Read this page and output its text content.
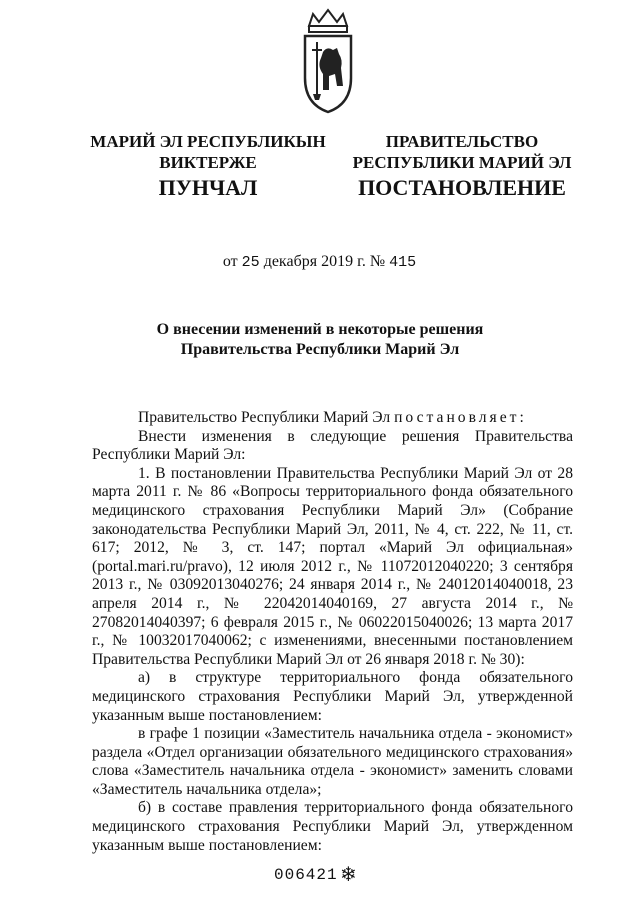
МАРИЙ ЭЛ РЕСПУБЛИКЫН
ВИКТЕРЖЕ
ПРАВИТЕЛЬСТВО
РЕСПУБЛИКИ МАРИЙ ЭЛ
ПУНЧАЛ	ПОСТАНОВЛЕНИЕ
от 25 декабря 2019 г. № 415
О внесении изменений в некоторые решения
Правительства Республики Марий Эл

Правительство Республики Марий Эл постановляет:

Внести изменения в следующие решения Правительства Республики Марий Эл:

1. В постановлении Правительства Республики Марий Эл от 28 марта 2011 г. № 86 «Вопросы территориального фонда обязательного медицинского страхования Республики Марий Эл» (Собрание законодательства Республики Марий Эл, 2011, № 4, ст. 222, № 11, ст. 617; 2012, № 3, ст. 147; портал «Марий Эл официальная» (portal.mari.ru/pravo), 12 июля 2012 г., № 11072012040220; 3 сентября 2013 г., № 03092013040276; 24 января 2014 г., № 24012014040018, 23 апреля 2014 г., № 22042014040169, 27 августа 2014 г., № 27082014040397; 6 февраля 2015 г., № 06022015040026; 13 марта 2017 г., № 10032017040062; с изменениями, внесенными постановлением Правительства Республики Марий Эл от 26 января 2018 г. № 30):

а) в структуре территориального фонда обязательного медицинского страхования Республики Марий Эл, утвержденной указанным выше постановлением:

в графе 1 позиции «Заместитель начальника отдела - экономист» раздела «Отдел организации обязательного медицинского страхования» слова «Заместитель начальника отдела - экономист» заменить словами «Заместитель начальника отдела»;

б) в составе правления территориального фонда обязательного медицинского страхования Республики Марий Эл, утвержденном указанным выше постановлением:

006421 ❄
